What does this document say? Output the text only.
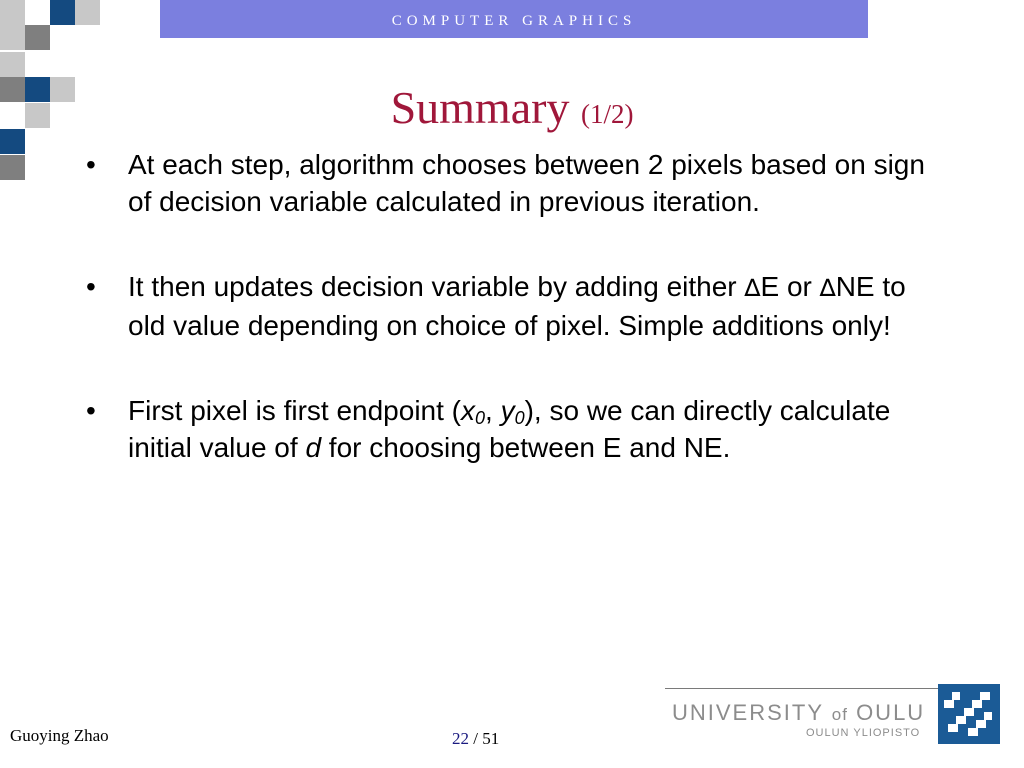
COMPUTER GRAPHICS
Summary (1/2)
• At each step, algorithm chooses between 2 pixels based on sign of decision variable calculated in previous iteration.
• It then updates decision variable by adding either ∆E or ∆NE to old value depending on choice of pixel. Simple additions only!
• First pixel is first endpoint ($x_0$, $y_0$), so we can directly calculate initial value of d for choosing between E and NE.
Guoying Zhao	22 / 51
UNIVERSITY of OULU
OULUN YLIOPISTO
